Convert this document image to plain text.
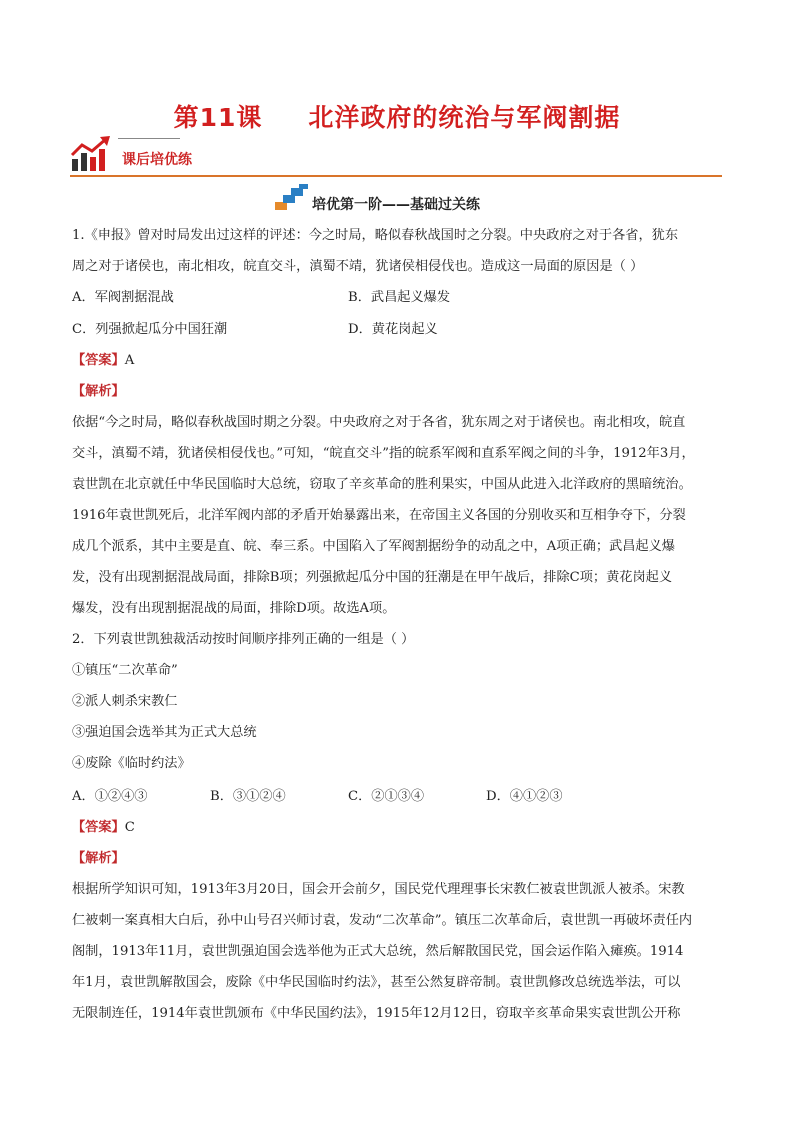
第11课 北洋政府的统治与军阀割据
课后培优练
培优第一阶——基础过关练
1.《申报》曾对时局发出过这样的评述：今之时局，略似春秋战国时之分裂。中央政府之对于各省，犹东
周之对于诸侯也，南北相攻，皖直交斗，滇蜀不靖，犹诸侯相侵伐也。造成这一局面的原因是（ ）
A．军阀割据混战	B．武昌起义爆发
C．列强掀起瓜分中国狂潮	D．黄花岗起义
【答案】A
【解析】
依据“今之时局，略似春秋战国时期之分裂。中央政府之对于各省，犹东周之对于诸侯也。南北相攻，皖直
交斗，滇蜀不靖，犹诸侯相侵伐也。”可知，“皖直交斗”指的皖系军阀和直系军阀之间的斗争，1912年3月，
袁世凯在北京就任中华民国临时大总统，窃取了辛亥革命的胜利果实，中国从此进入北洋政府的黑暗统治。
1916年袁世凯死后，北洋军阀内部的矛盾开始暴露出来，在帝国主义各国的分别收买和互相争夺下，分裂
成几个派系，其中主要是直、皖、奉三系。中国陷入了军阀割据纷争的动乱之中，A项正确；武昌起义爆
发，没有出现割据混战局面，排除B项；列强掀起瓜分中国的狂潮是在甲午战后，排除C项；黄花岗起义
爆发，没有出现割据混战的局面，排除D项。故选A项。
2．下列袁世凯独裁活动按时间顺序排列正确的一组是（ ）
①镇压“二次革命”
②派人刺杀宋教仁
③强迫国会选举其为正式大总统
④废除《临时约法》
A．①②④③	B．③①②④	C．②①③④	D．④①②③
【答案】C
【解析】
根据所学知识可知，1913年3月20日，国会开会前夕，国民党代理理事长宋教仁被袁世凯派人被杀。宋教
仁被刺一案真相大白后，孙中山号召兴师讨袁，发动“二次革命”。镇压二次革命后，袁世凯一再破坏责任内
阁制，1913年11月，袁世凯强迫国会选举他为正式大总统，然后解散国民党，国会运作陷入瘫痪。1914
年1月，袁世凯解散国会，废除《中华民国临时约法》，甚至公然复辟帝制。袁世凯修改总统选举法，可以
无限制连任，1914年袁世凯颁布《中华民国约法》，1915年12月12日，窃取辛亥革命果实袁世凯公开称
